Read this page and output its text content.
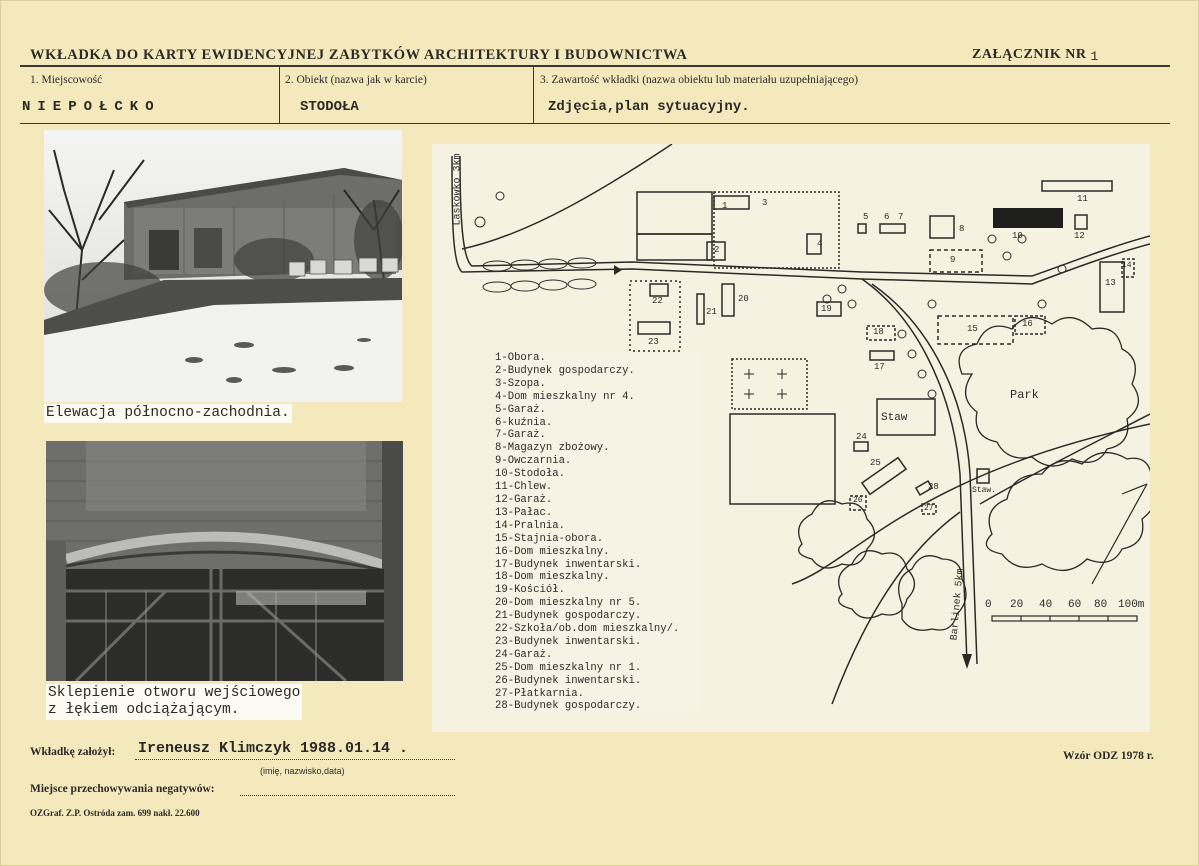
WKŁADKA DO KARTY EWIDENCYJNEJ ZABYTKÓW ARCHITEKTURY I BUDOWNICTWA	ZAŁĄCZNIK NR 1
1. Miejscowość	2. Obiekt (nazwa jak w karcie)	3. Zawartość wkładki (nazwa obiektu lub materiału uzupełniającego)
NIEPOŁCKO	STODOŁA	Zdjęcia,plan sytuacyjny.
Elewacja północno-zachodnia.
Sklepienie otworu wejściowego
z łękiem odciążającym.
Laskówko 3km
Barlinek 5km
Park
Staw
Staw.
1
2
3
4
5 6 7
8
9
10
11
12
13
14
15	16
17
18
19
20
21
22
23
24
25
26
27
28
0 20 40 60 80 100m
1-Obora.
2-Budynek gospodarczy.
3-Szopa.
4-Dom mieszkalny nr 4.
5-Garaż.
6-kuźnia.
7-Garaż.
8-Magazyn zbożowy.
9-Owczarnia.
10-Stodoła.
11-Chlew.
12-Garaż.
13-Pałac.
14-Pralnia.
15-Stajnia-obora.
16-Dom mieszkalny.
17-Budynek inwentarski.
18-Dom mieszkalny.
19-Kościół.
20-Dom mieszkalny nr 5.
21-Budynek gospodarczy.
22-Szkoła/ob.dom mieszkalny/.
23-Budynek inwentarski.
24-Garaż.
25-Dom mieszkalny nr 1.
26-Budynek inwentarski.
27-Płatkarnia.
28-Budynek gospodarczy.
Wkładkę założył: Ireneusz Klimczyk 1988.01.14 .
(imię, nazwisko,data)
Wzór ODZ 1978 r.
Miejsce przechowywania negatywów:
OZGraf. Z.P. Ostróda zam. 699 nakł. 22.600
